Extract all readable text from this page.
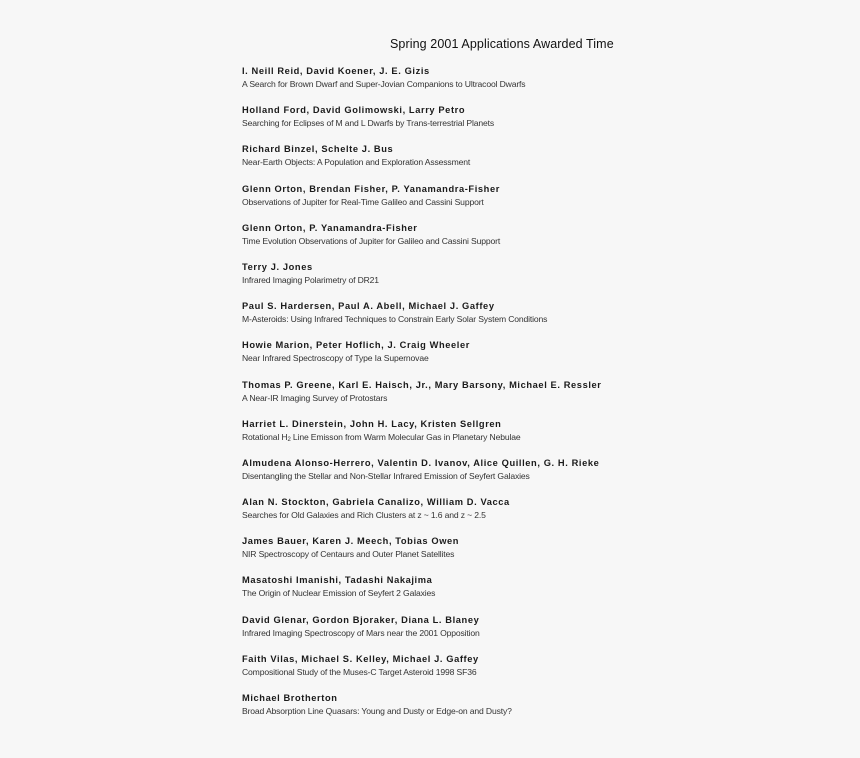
Spring 2001 Applications Awarded Time
I. Neill Reid, David Koener, J. E. Gizis
A Search for Brown Dwarf and Super-Jovian Companions to Ultracool Dwarfs
Holland Ford, David Golimowski, Larry Petro
Searching for Eclipses of M and L Dwarfs by Trans-terrestrial Planets
Richard Binzel, Schelte J. Bus
Near-Earth Objects: A Population and Exploration Assessment
Glenn Orton, Brendan Fisher, P. Yanamandra-Fisher
Observations of Jupiter for Real-Time Galileo and Cassini Support
Glenn Orton, P. Yanamandra-Fisher
Time Evolution Observations of Jupiter for Galileo and Cassini Support
Terry J. Jones
Infrared Imaging Polarimetry of DR21
Paul S. Hardersen, Paul A. Abell, Michael J. Gaffey
M-Asteroids: Using Infrared Techniques to Constrain Early Solar System Conditions
Howie Marion, Peter Hoflich, J. Craig Wheeler
Near Infrared Spectroscopy of Type Ia Supernovae
Thomas P. Greene, Karl E. Haisch, Jr., Mary Barsony, Michael E. Ressler
A Near-IR Imaging Survey of Protostars
Harriet L. Dinerstein, John H. Lacy, Kristen Sellgren
Rotational $H_2$ Line Emisson from Warm Molecular Gas in Planetary Nebulae
Almudena Alonso-Herrero, Valentin D. Ivanov, Alice Quillen, G. H. Rieke
Disentangling the Stellar and Non-Stellar Infrared Emission of Seyfert Galaxies
Alan N. Stockton, Gabriela Canalizo, William D. Vacca
Searches for Old Galaxies and Rich Clusters at z ~ 1.6 and z ~ 2.5
James Bauer, Karen J. Meech, Tobias Owen
NIR Spectroscopy of Centaurs and Outer Planet Satellites
Masatoshi Imanishi, Tadashi Nakajima
The Origin of Nuclear Emission of Seyfert 2 Galaxies
David Glenar, Gordon Bjoraker, Diana L. Blaney
Infrared Imaging Spectroscopy of Mars near the 2001 Opposition
Faith Vilas, Michael S. Kelley, Michael J. Gaffey
Compositional Study of the Muses-C Target Asteroid 1998 SF36
Michael Brotherton
Broad Absorption Line Quasars: Young and Dusty or Edge-on and Dusty?
